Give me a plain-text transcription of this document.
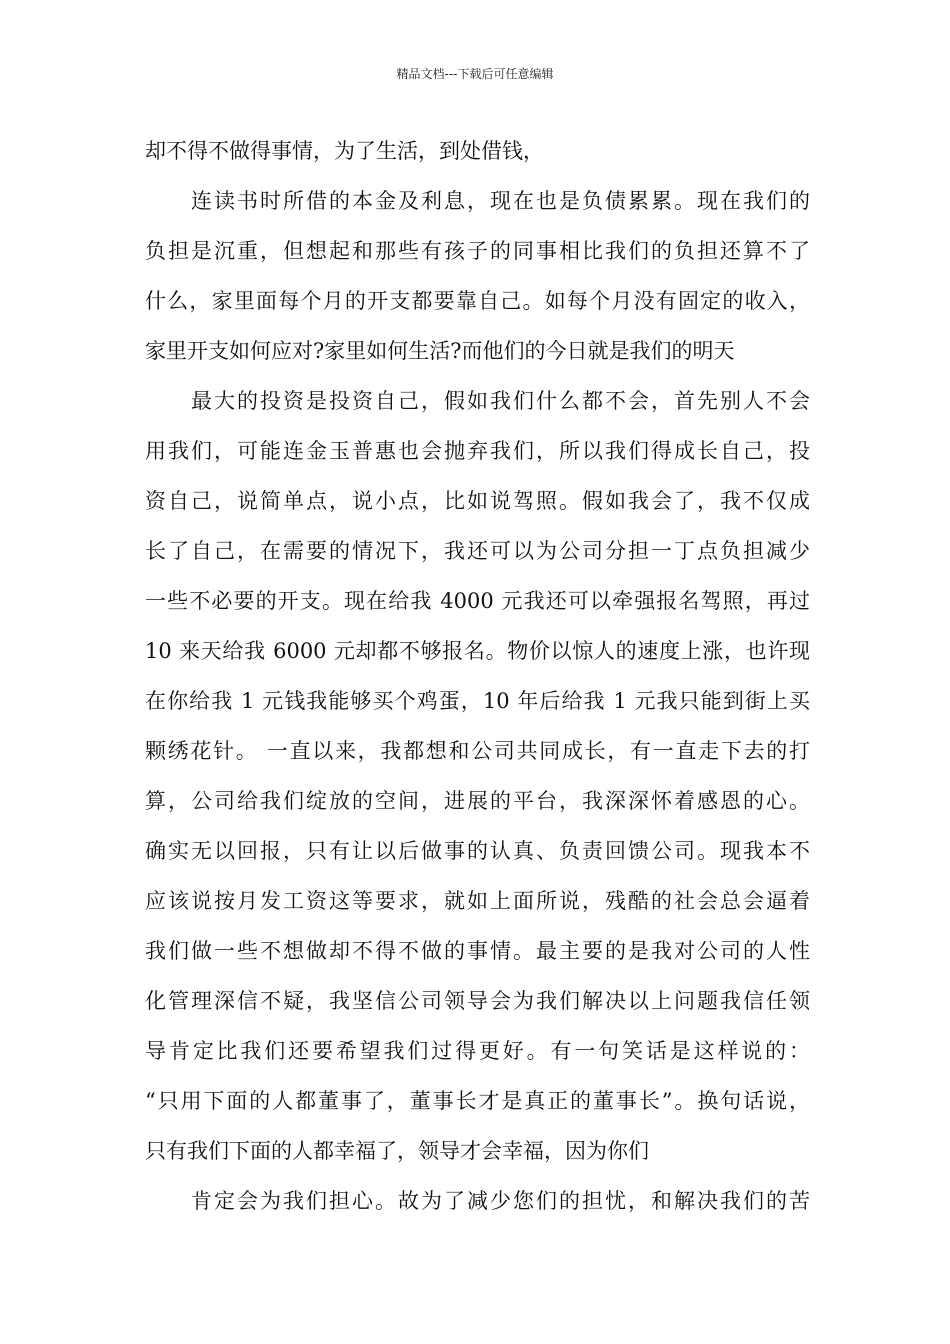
精品文档---下载后可任意编辑
却不得不做得事情，为了生活，到处借钱，
连读书时所借的本金及利息，现在也是负债累累。现在我们的
负担是沉重，但想起和那些有孩子的同事相比我们的负担还算不了
什么，家里面每个月的开支都要靠自己。如每个月没有固定的收入，
家里开支如何应对?家里如何生活?而他们的今日就是我们的明天
最大的投资是投资自己，假如我们什么都不会，首先别人不会
用我们，可能连金玉普惠也会抛弃我们，所以我们得成长自己，投
资自己，说简单点，说小点，比如说驾照。假如我会了，我不仅成
长了自己，在需要的情况下，我还可以为公司分担一丁点负担减少
一些不必要的开支。现在给我 4000 元我还可以牵强报名驾照，再过
10 来天给我 6000 元却都不够报名。物价以惊人的速度上涨，也许现
在你给我 1 元钱我能够买个鸡蛋，10 年后给我 1 元我只能到街上买
颗绣花针。 一直以来，我都想和公司共同成长，有一直走下去的打
算，公司给我们绽放的空间，进展的平台，我深深怀着感恩的心。
确实无以回报，只有让以后做事的认真、负责回馈公司。现我本不
应该说按月发工资这等要求，就如上面所说，残酷的社会总会逼着
我们做一些不想做却不得不做的事情。最主要的是我对公司的人性
化管理深信不疑，我坚信公司领导会为我们解决以上问题我信任领
导肯定比我们还要希望我们过得更好。有一句笑话是这样说的：
“只用下面的人都董事了，董事长才是真正的董事长”。换句话说，
只有我们下面的人都幸福了，领导才会幸福，因为你们
肯定会为我们担心。故为了减少您们的担忧，和解决我们的苦
